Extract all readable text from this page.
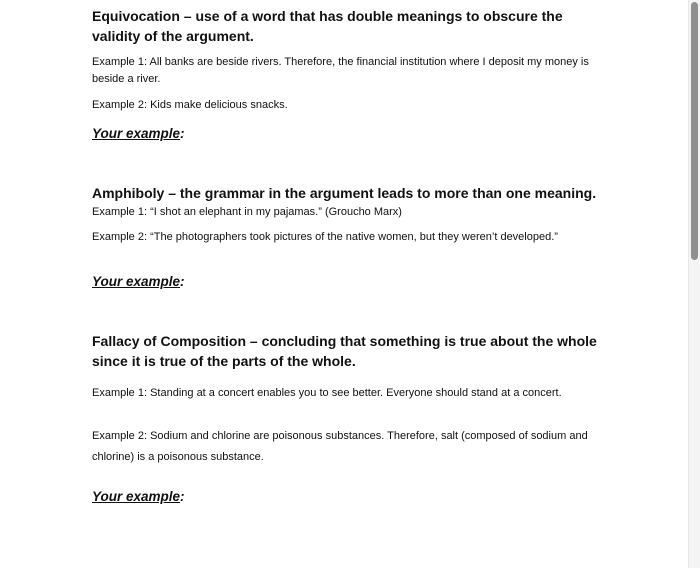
Equivocation – use of a word that has double meanings to obscure the validity of the argument.

Example 1: All banks are beside rivers. Therefore, the financial institution where I deposit my money is beside a river.

Example 2: Kids make delicious snacks.

Your example:

Amphiboly – the grammar in the argument leads to more than one meaning.

Example 1: “I shot an elephant in my pajamas.” (Groucho Marx)

Example 2: “The photographers took pictures of the native women, but they weren’t developed.”

Your example:

Fallacy of Composition – concluding that something is true about the whole since it is true of the parts of the whole.

Example 1: Standing at a concert enables you to see better. Everyone should stand at a concert.

Example 2: Sodium and chlorine are poisonous substances. Therefore, salt (composed of sodium and chlorine) is a poisonous substance.

Your example:
